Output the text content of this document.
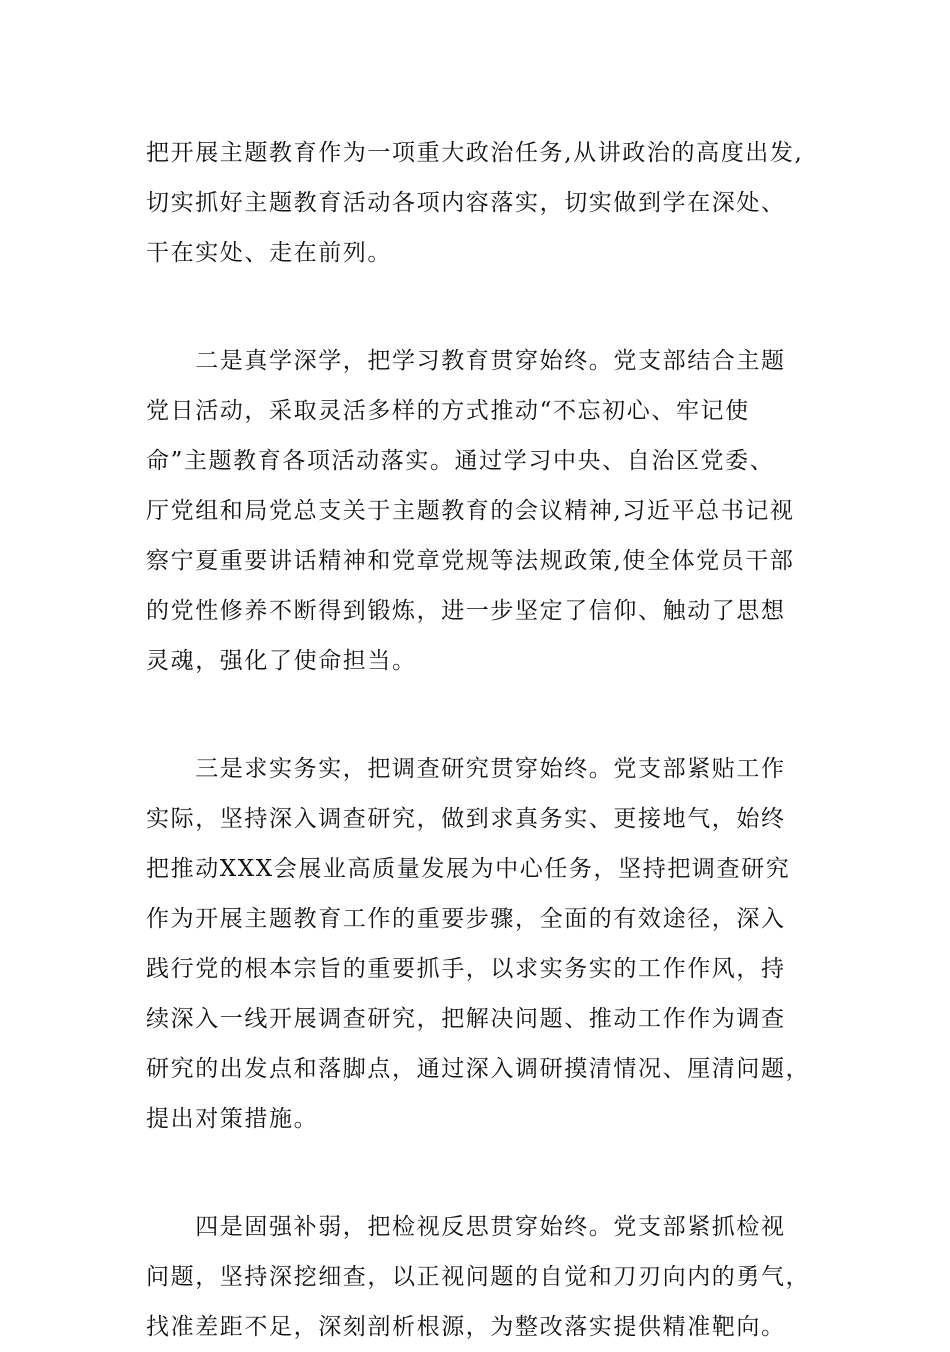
把开展主题教育作为一项重大政治任务,从讲政治的高度出发,
切实抓好主题教育活动各项内容落实，切实做到学在深处、
干在实处、走在前列。
　　二是真学深学，把学习教育贯穿始终。党支部结合主题
党日活动，采取灵活多样的方式推动“不忘初心、牢记使
命”主题教育各项活动落实。通过学习中央、自治区党委、
厅党组和局党总支关于主题教育的会议精神,习近平总书记视
察宁夏重要讲话精神和党章党规等法规政策,使全体党员干部
的党性修养不断得到锻炼，进一步坚定了信仰、触动了思想
灵魂，强化了使命担当。
　　三是求实务实，把调查研究贯穿始终。党支部紧贴工作
实际，坚持深入调查研究，做到求真务实、更接地气，始终
把推动XXX会展业高质量发展为中心任务，坚持把调查研究
作为开展主题教育工作的重要步骤，全面的有效途径，深入
践行党的根本宗旨的重要抓手，以求实务实的工作作风，持
续深入一线开展调查研究，把解决问题、推动工作作为调查
研究的出发点和落脚点，通过深入调研摸清情况、厘清问题，
提出对策措施。
　　四是固强补弱，把检视反思贯穿始终。党支部紧抓检视
问题，坚持深挖细查，以正视问题的自觉和刀刃向内的勇气，
找准差距不足，深刻剖析根源，为整改落实提供精准靶向。
